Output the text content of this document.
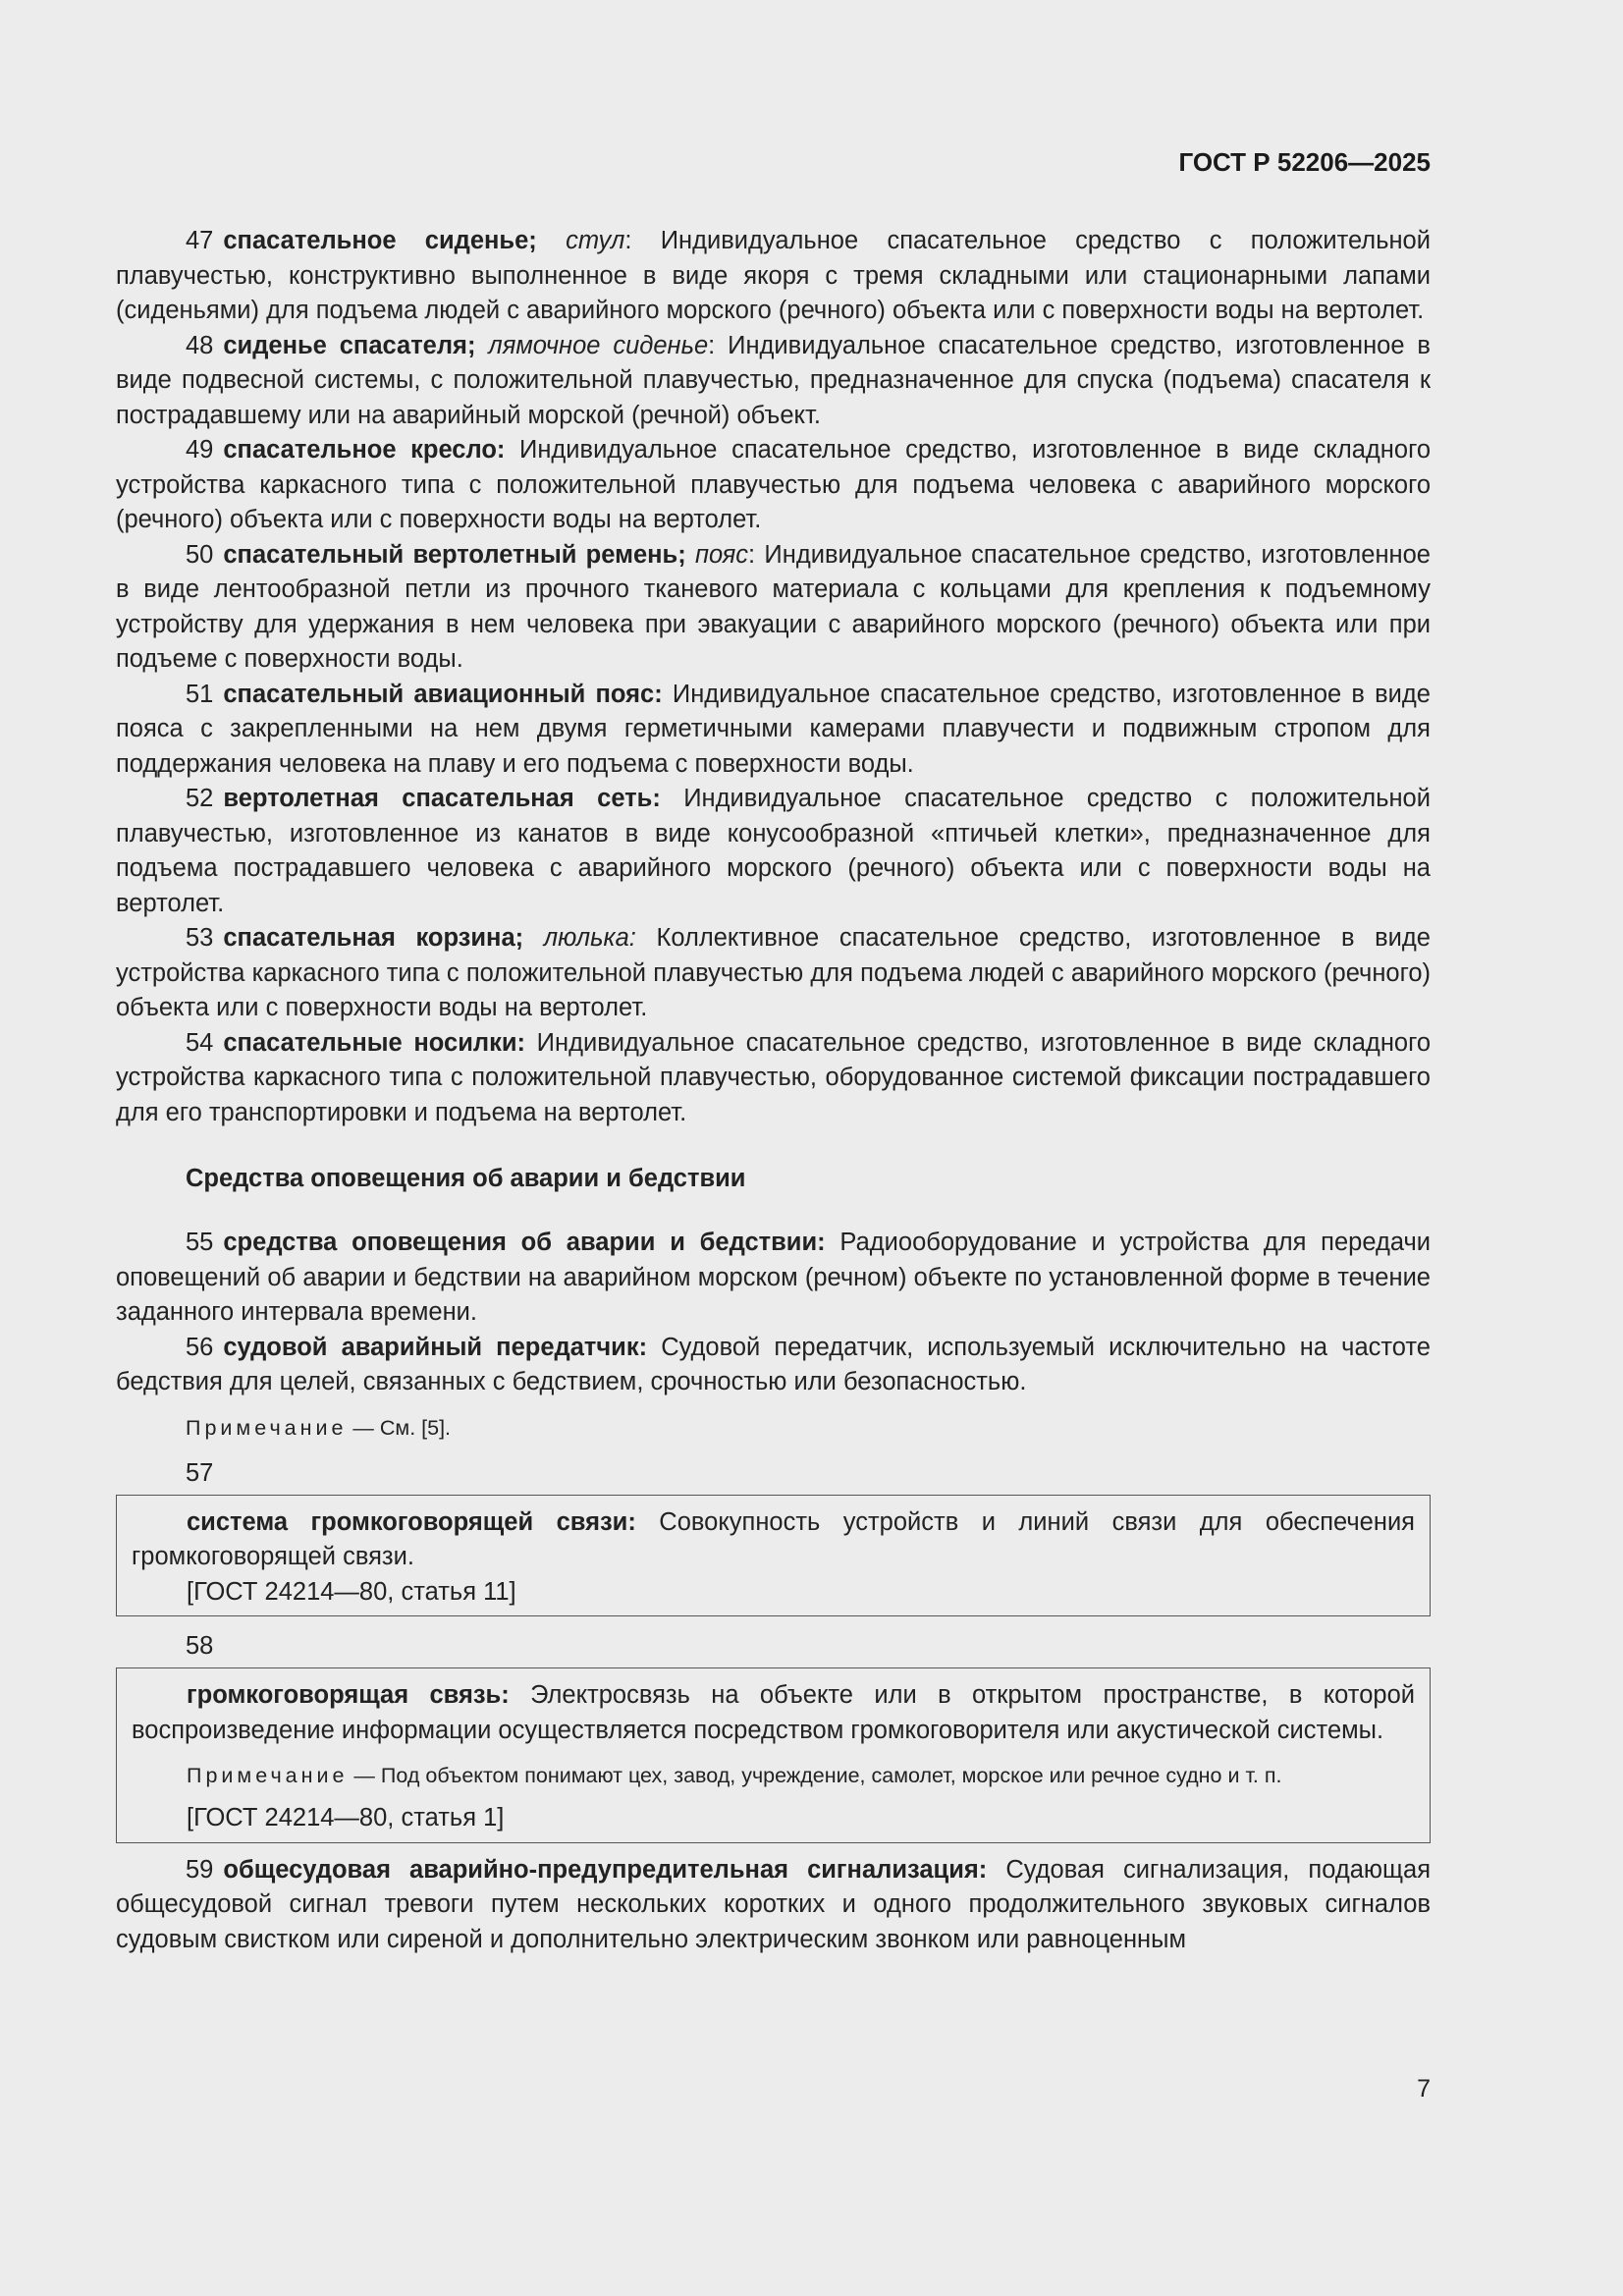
ГОСТ Р 52206—2025

47 спасательное сиденье; стул: Индивидуальное спасательное средство с положительной плавучестью, конструктивно выполненное в виде якоря с тремя складными или стационарными лапами (сиденьями) для подъема людей с аварийного морского (речного) объекта или с поверхности воды на вертолет.

48 сиденье спасателя; лямочное сиденье: Индивидуальное спасательное средство, изготовленное в виде подвесной системы, с положительной плавучестью, предназначенное для спуска (подъема) спасателя к пострадавшему или на аварийный морской (речной) объект.

49 спасательное кресло: Индивидуальное спасательное средство, изготовленное в виде складного устройства каркасного типа с положительной плавучестью для подъема человека с аварийного морского (речного) объекта или с поверхности воды на вертолет.

50 спасательный вертолетный ремень; пояс: Индивидуальное спасательное средство, изготовленное в виде лентообразной петли из прочного тканевого материала с кольцами для крепления к подъемному устройству для удержания в нем человека при эвакуации с аварийного морского (речного) объекта или при подъеме с поверхности воды.

51 спасательный авиационный пояс: Индивидуальное спасательное средство, изготовленное в виде пояса с закрепленными на нем двумя герметичными камерами плавучести и подвижным стропом для поддержания человека на плаву и его подъема с поверхности воды.

52 вертолетная спасательная сеть: Индивидуальное спасательное средство с положительной плавучестью, изготовленное из канатов в виде конусообразной «птичьей клетки», предназначенное для подъема пострадавшего человека с аварийного морского (речного) объекта или с поверхности воды на вертолет.

53 спасательная корзина; люлька: Коллективное спасательное средство, изготовленное в виде устройства каркасного типа с положительной плавучестью для подъема людей с аварийного морского (речного) объекта или с поверхности воды на вертолет.

54 спасательные носилки: Индивидуальное спасательное средство, изготовленное в виде складного устройства каркасного типа с положительной плавучестью, оборудованное системой фиксации пострадавшего для его транспортировки и подъема на вертолет.

Средства оповещения об аварии и бедствии

55 средства оповещения об аварии и бедствии: Радиооборудование и устройства для передачи оповещений об аварии и бедствии на аварийном морском (речном) объекте по установленной форме в течение заданного интервала времени.

56 судовой аварийный передатчик: Судовой передатчик, используемый исключительно на частоте бедствия для целей, связанных с бедствием, срочностью или безопасностью.

Примечание — См. [5].
57

система громкоговорящей связи: Совокупность устройств и линий связи для обеспечения громкоговорящей связи.

[ГОСТ 24214—80, статья 11]
58

громкоговорящая связь: Электросвязь на объекте или в открытом пространстве, в которой воспроизведение информации осуществляется посредством громкоговорителя или акустической системы.

Примечание — Под объектом понимают цех, завод, учреждение, самолет, морское или речное судно и т. п.
[ГОСТ 24214—80, статья 1]

59 общесудовая аварийно-предупредительная сигнализация: Судовая сигнализация, подающая общесудовой сигнал тревоги путем нескольких коротких и одного продолжительного звуковых сигналов судовым свистком или сиреной и дополнительно электрическим звонком или равноценным

7
